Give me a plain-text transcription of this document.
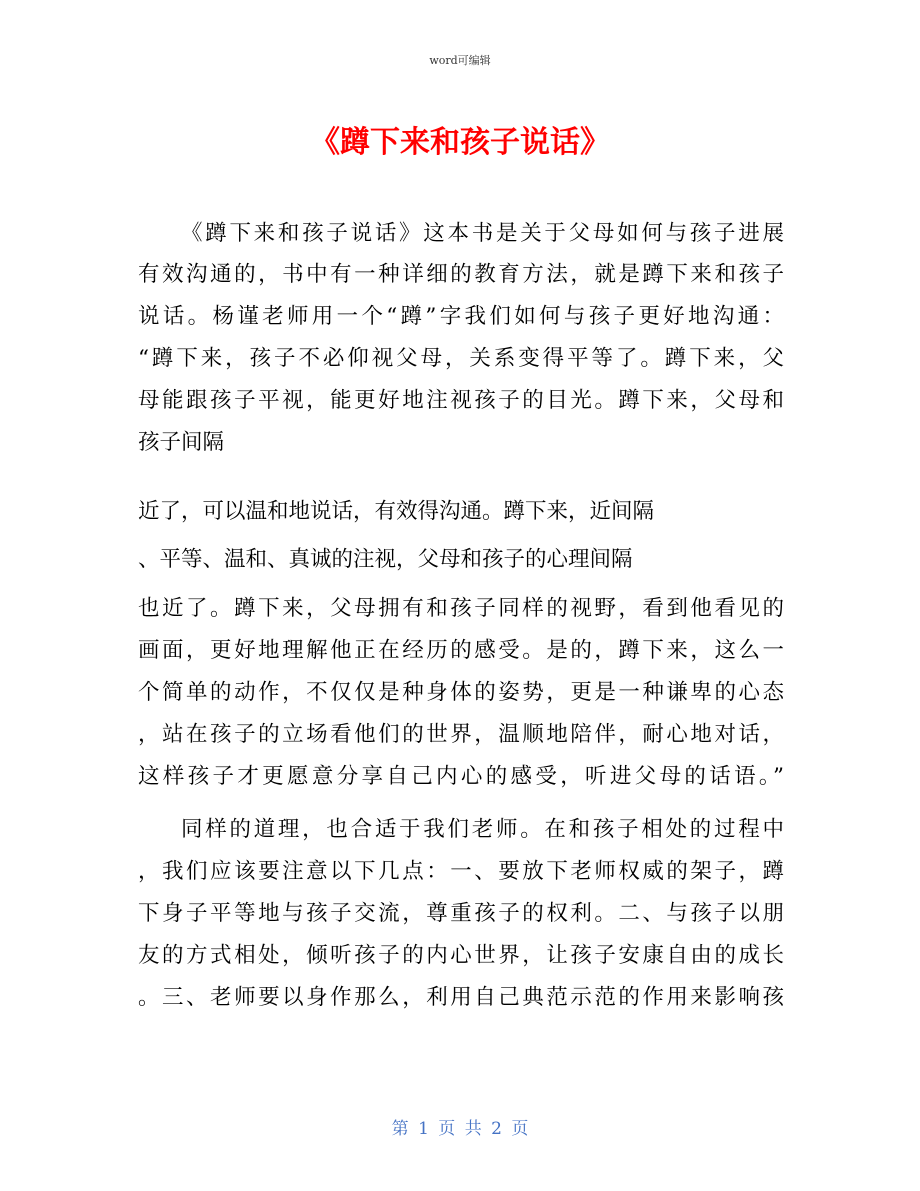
word可编辑
《蹲下来和孩子说话》
《蹲下来和孩子说话》这本书是关于父母如何与孩子进展
有效沟通的，书中有一种详细的教育方法，就是蹲下来和孩子
说话。杨谨老师用一个“蹲”字我们如何与孩子更好地沟通：
“蹲下来，孩子不必仰视父母，关系变得平等了。蹲下来，父
母能跟孩子平视，能更好地注视孩子的目光。蹲下来，父母和
孩子间隔
近了，可以温和地说话，有效得沟通。蹲下来，近间隔
、平等、温和、真诚的注视，父母和孩子的心理间隔
也近了。蹲下来，父母拥有和孩子同样的视野，看到他看见的
画面，更好地理解他正在经历的感受。是的，蹲下来，这么一
个简单的动作，不仅仅是种身体的姿势，更是一种谦卑的心态
，站在孩子的立场看他们的世界，温顺地陪伴，耐心地对话，
这样孩子才更愿意分享自己内心的感受，听进父母的话语。”
同样的道理，也合适于我们老师。在和孩子相处的过程中
，我们应该要注意以下几点：一、要放下老师权威的架子，蹲
下身子平等地与孩子交流，尊重孩子的权利。二、与孩子以朋
友的方式相处，倾听孩子的内心世界，让孩子安康自由的成长
。三、老师要以身作那么，利用自己典范示范的作用来影响孩
第 1 页 共 2 页
